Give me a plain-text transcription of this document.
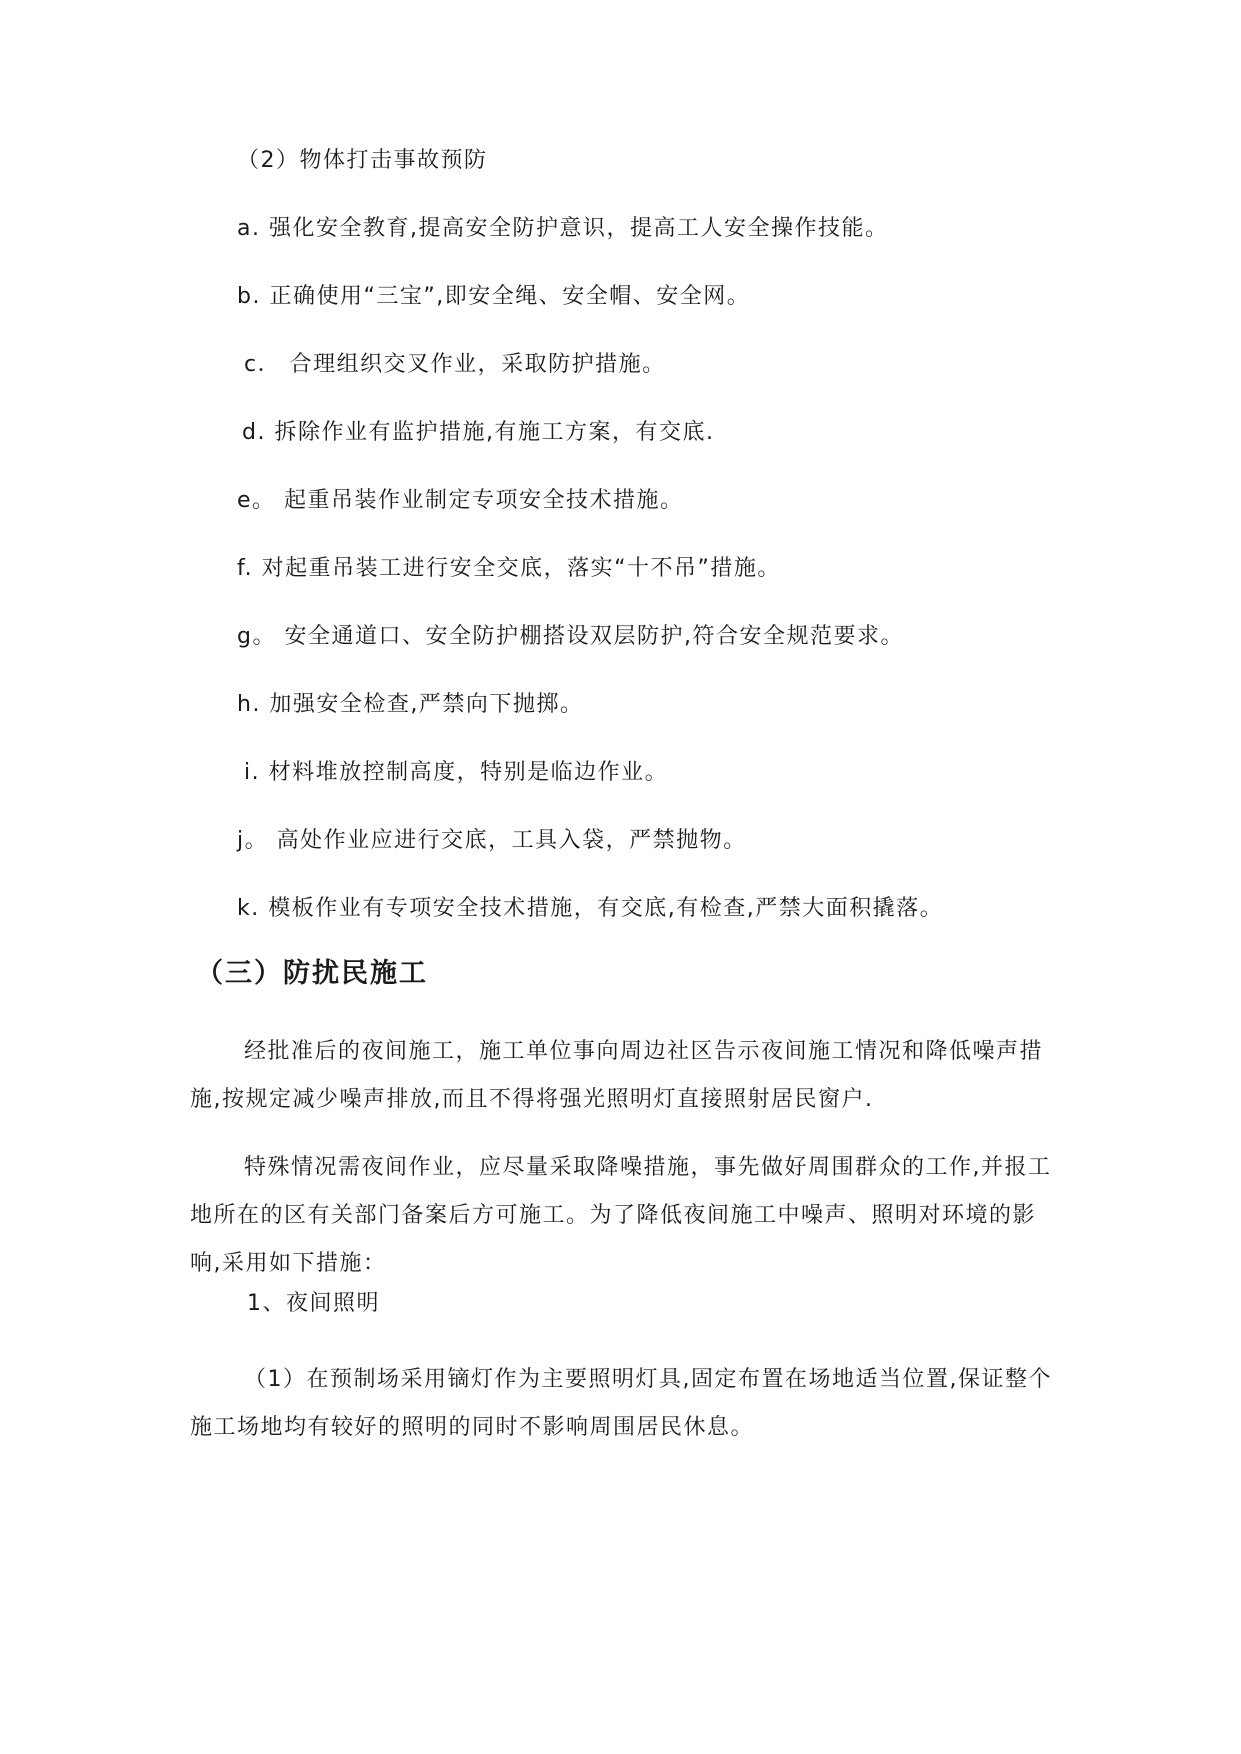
（2）物体打击事故预防
a. 强化安全教育,提高安全防护意识，提高工人安全操作技能。
b. 正确使用“三宝”,即安全绳、安全帽、安全网。
c． 合理组织交叉作业，采取防护措施。
d. 拆除作业有监护措施,有施工方案，有交底.
e。 起重吊装作业制定专项安全技术措施。
f. 对起重吊装工进行安全交底，落实“十不吊”措施。
g。 安全通道口、安全防护棚搭设双层防护,符合安全规范要求。
h. 加强安全检查,严禁向下抛掷。
i. 材料堆放控制高度，特别是临边作业。
j。 高处作业应进行交底，工具入袋，严禁抛物。
k. 模板作业有专项安全技术措施，有交底,有检查,严禁大面积撬落。
（三）防扰民施工
经批准后的夜间施工，施工单位事向周边社区告示夜间施工情况和降低噪声措施,按规定减少噪声排放,而且不得将强光照明灯直接照射居民窗户.
特殊情况需夜间作业，应尽量采取降噪措施，事先做好周围群众的工作,并报工地所在的区有关部门备案后方可施工。为了降低夜间施工中噪声、照明对环境的影响,采用如下措施：
1、夜间照明
（1）在预制场采用镝灯作为主要照明灯具,固定布置在场地适当位置,保证整个施工场地均有较好的照明的同时不影响周围居民休息。
